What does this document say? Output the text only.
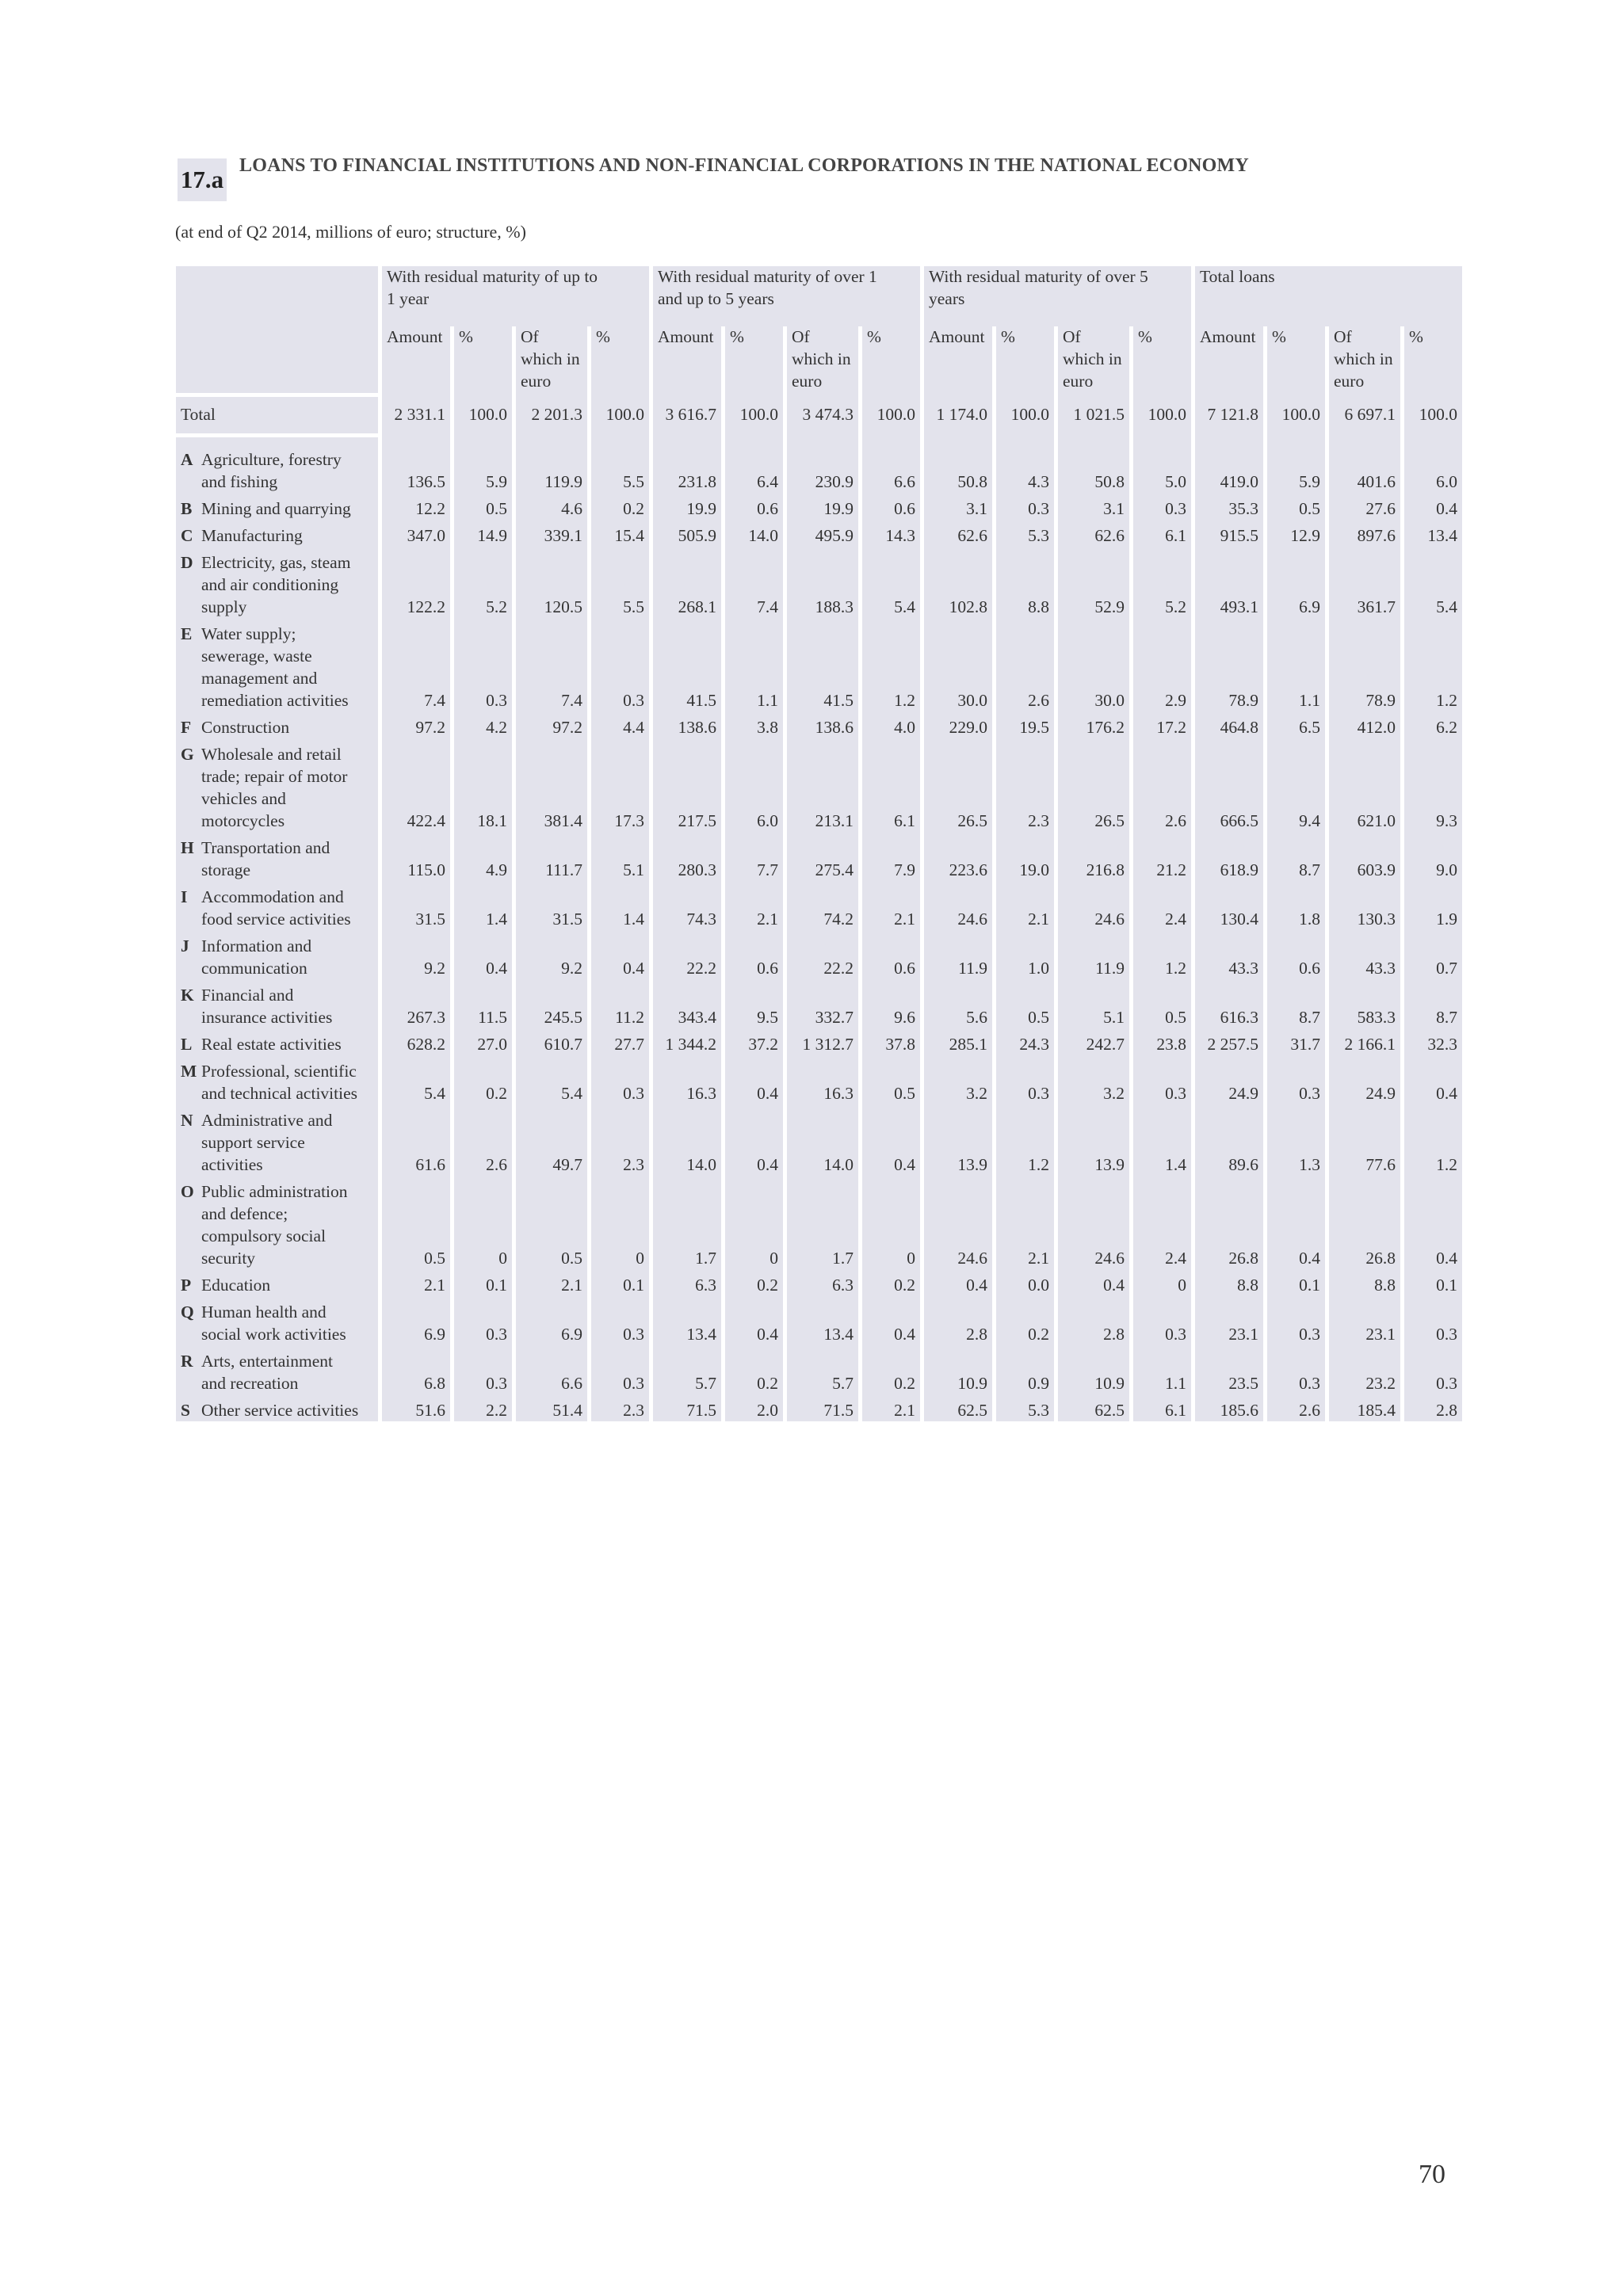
17.a LOANS TO FINANCIAL INSTITUTIONS AND NON-FINANCIAL CORPORATIONS IN THE NATIONAL ECONOMY
(at end of Q2 2014, millions of euro; structure, %)
	With residual maturity of up to 1 year				With residual maturity of over 1 and up to 5 years				With residual maturity of over 5 years				Total loans			
	Amount	%	Of which in euro	%	Amount	%	Of which in euro	%	Amount	%	Of which in euro	%	Amount	%	Of which in euro	%

Total	2 331.1	100.0	2 201.3	100.0	3 616.7	100.0	3 474.3	100.0	1 174.0	100.0	1 021.5	100.0	7 121.8	100.0	6 697.1	100.0

A Agriculture, forestry and fishing	136.5	5.9	119.9	5.5	231.8	6.4	230.9	6.6	50.8	4.3	50.8	5.0	419.0	5.9	401.6	6.0
B Mining and quarrying	12.2	0.5	4.6	0.2	19.9	0.6	19.9	0.6	3.1	0.3	3.1	0.3	35.3	0.5	27.6	0.4
C Manufacturing	347.0	14.9	339.1	15.4	505.9	14.0	495.9	14.3	62.6	5.3	62.6	6.1	915.5	12.9	897.6	13.4
D Electricity, gas, steam and air conditioning supply	122.2	5.2	120.5	5.5	268.1	7.4	188.3	5.4	102.8	8.8	52.9	5.2	493.1	6.9	361.7	5.4
E Water supply; sewerage, waste management and remediation activities	7.4	0.3	7.4	0.3	41.5	1.1	41.5	1.2	30.0	2.6	30.0	2.9	78.9	1.1	78.9	1.2
F Construction	97.2	4.2	97.2	4.4	138.6	3.8	138.6	4.0	229.0	19.5	176.2	17.2	464.8	6.5	412.0	6.2
G Wholesale and retail trade; repair of motor vehicles and motorcycles	422.4	18.1	381.4	17.3	217.5	6.0	213.1	6.1	26.5	2.3	26.5	2.6	666.5	9.4	621.0	9.3
H Transportation and storage	115.0	4.9	111.7	5.1	280.3	7.7	275.4	7.9	223.6	19.0	216.8	21.2	618.9	8.7	603.9	9.0
I Accommodation and food service activities	31.5	1.4	31.5	1.4	74.3	2.1	74.2	2.1	24.6	2.1	24.6	2.4	130.4	1.8	130.3	1.9
J Information and communication	9.2	0.4	9.2	0.4	22.2	0.6	22.2	0.6	11.9	1.0	11.9	1.2	43.3	0.6	43.3	0.7
K Financial and insurance activities	267.3	11.5	245.5	11.2	343.4	9.5	332.7	9.6	5.6	0.5	5.1	0.5	616.3	8.7	583.3	8.7
L Real estate activities	628.2	27.0	610.7	27.7	1 344.2	37.2	1 312.7	37.8	285.1	24.3	242.7	23.8	2 257.5	31.7	2 166.1	32.3
M Professional, scientific and technical activities	5.4	0.2	5.4	0.3	16.3	0.4	16.3	0.5	3.2	0.3	3.2	0.3	24.9	0.3	24.9	0.4
N Administrative and support service activities	61.6	2.6	49.7	2.3	14.0	0.4	14.0	0.4	13.9	1.2	13.9	1.4	89.6	1.3	77.6	1.2
O Public administration and defence; compulsory social security	0.5	0	0.5	0	1.7	0	1.7	0	24.6	2.1	24.6	2.4	26.8	0.4	26.8	0.4
P Education	2.1	0.1	2.1	0.1	6.3	0.2	6.3	0.2	0.4	0.0	0.4	0	8.8	0.1	8.8	0.1
Q Human health and social work activities	6.9	0.3	6.9	0.3	13.4	0.4	13.4	0.4	2.8	0.2	2.8	0.3	23.1	0.3	23.1	0.3
R Arts, entertainment and recreation	6.8	0.3	6.6	0.3	5.7	0.2	5.7	0.2	10.9	0.9	10.9	1.1	23.5	0.3	23.2	0.3
S Other service activities	51.6	2.2	51.4	2.3	71.5	2.0	71.5	2.1	62.5	5.3	62.5	6.1	185.6	2.6	185.4	2.8
70
